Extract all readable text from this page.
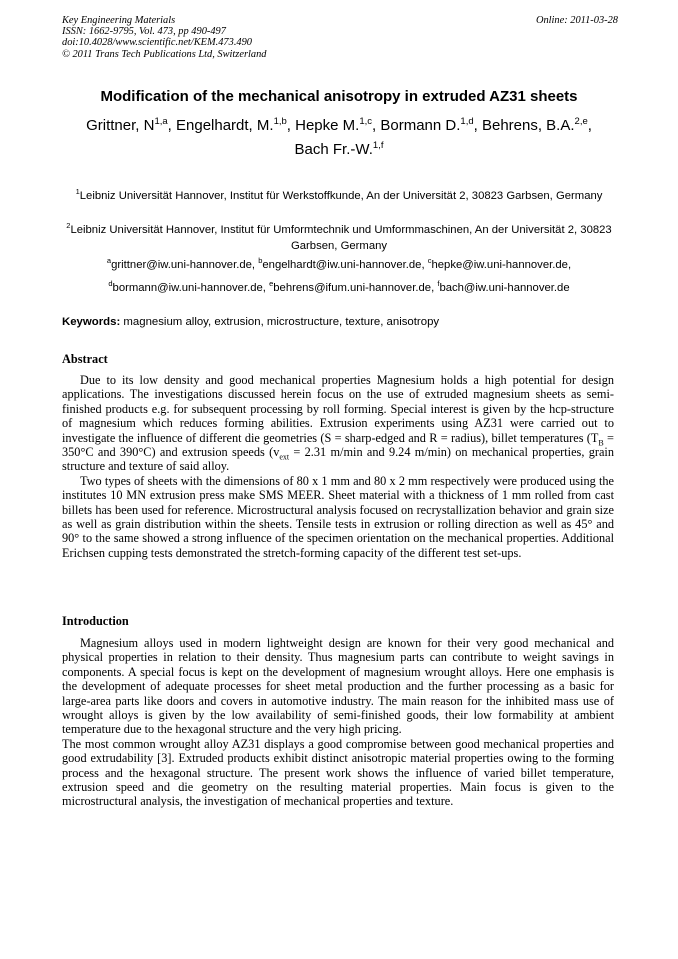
Key Engineering Materials
ISSN: 1662-9795, Vol. 473, pp 490-497
doi:10.4028/www.scientific.net/KEM.473.490
© 2011 Trans Tech Publications Ltd, Switzerland
Online: 2011-03-28
Modification of the mechanical anisotropy in extruded AZ31 sheets
Grittner, N$^{1,a}$, Engelhardt, M.$^{1,b}$, Hepke M.$^{1,c}$, Bormann D.$^{1,d}$, Behrens, B.A.$^{2,e}$,
Bach Fr.-W.$^{1,f}$
$^1$Leibniz Universität Hannover, Institut für Werkstoffkunde, An der Universität 2, 30823 Garbsen, Germany
$^2$Leibniz Universität Hannover, Institut für Umformtechnik und Umformmaschinen, An der Universität 2, 30823 Garbsen, Germany
$^a$grittner@iw.uni-hannover.de, $^b$engelhardt@iw.uni-hannover.de, $^c$hepke@iw.uni-hannover.de,
$^d$bormann@iw.uni-hannover.de, $^e$behrens@ifum.uni-hannover.de, $^f$bach@iw.uni-hannover.de
Keywords: magnesium alloy, extrusion, microstructure, texture, anisotropy
Abstract

Due to its low density and good mechanical properties Magnesium holds a high potential for design applications. The investigations discussed herein focus on the use of extruded magnesium sheets as semi-finished products e.g. for subsequent processing by roll forming. Special interest is given by the hcp-structure of magnesium which reduces forming abilities. Extrusion experiments using AZ31 were carried out to investigate the influence of different die geometries (S = sharp-edged and R = radius), billet temperatures ($T_B = 350^\circ C$ and 390°C) and extrusion speeds ($v_{ext} = 2.31$ m/min and 9.24 m/min) on mechanical properties, grain structure and texture of said alloy.

Two types of sheets with the dimensions of 80 x 1 mm and 80 x 2 mm respectively were produced using the institutes 10 MN extrusion press make SMS MEER. Sheet material with a thickness of 1 mm rolled from cast billets has been used for reference. Microstructural analysis focused on recrystallization behavior and grain size as well as grain distribution within the sheets. Tensile tests in extrusion or rolling direction as well as 45° and 90° to the same showed a strong influence of the specimen orientation on the mechanical properties. Additional Erichsen cupping tests demonstrated the stretch-forming capacity of the different test set-ups.

Introduction

Magnesium alloys used in modern lightweight design are known for their very good mechanical and physical properties in relation to their density. Thus magnesium parts can contribute to weight savings in components. A special focus is kept on the development of magnesium wrought alloys. Here one emphasis is the development of adequate processes for sheet metal production and the further processing as a basic for large-area parts like doors and covers in automotive industry. The main reason for the inhibited mass use of wrought alloys is given by the low availability of semi-finished goods, their low formability at ambient temperature due to the hexagonal structure and the very high pricing.

The most common wrought alloy AZ31 displays a good compromise between good mechanical properties and good extrudability [3]. Extruded products exhibit distinct anisotropic material properties owing to the forming process and the hexagonal structure. The present work shows the influence of varied billet temperature, extrusion speed and die geometry on the resulting material properties. Main focus is given to the microstructural analysis, the investigation of mechanical properties and texture.
